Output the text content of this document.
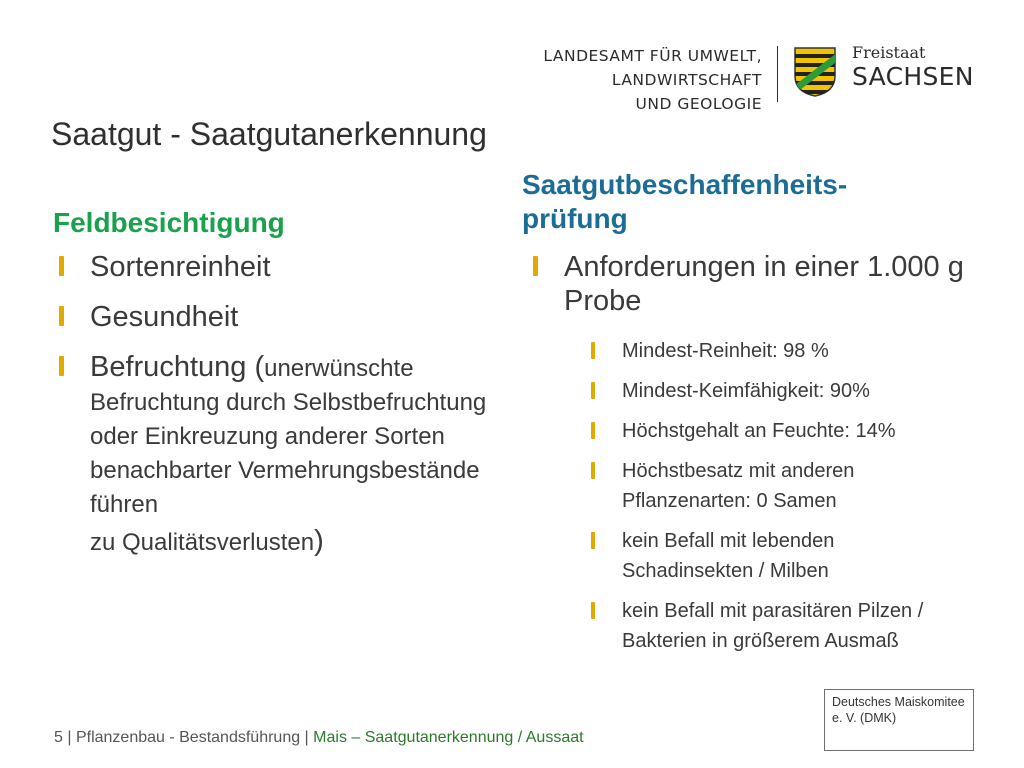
LANDESAMT FÜR UMWELT,
LANDWIRTSCHAFT
UND GEOLOGIE
Freistaat
SACHSEN
Saatgut - Saatgutanerkennung
Feldbesichtigung
Sortenreinheit
Gesundheit
Befruchtung (unerwünschte
Befruchtung durch Selbstbefruchtung oder Einkreuzung anderer Sorten benachbarter Vermehrungsbestände führen
zu Qualitätsverlusten)
Saatgutbeschaffenheits-
prüfung
Anforderungen in einer 1.000 g Probe
Mindest-Reinheit: 98 %
Mindest-Keimfähigkeit: 90%
Höchstgehalt an Feuchte: 14%
Höchstbesatz mit anderen Pflanzenarten: 0 Samen
kein Befall mit lebenden Schadinsekten / Milben
kein Befall mit parasitären Pilzen / Bakterien in größerem Ausmaß
5 | Pflanzenbau - Bestandsführung | Mais – Saatgutanerkennung / Aussaat
Deutsches Maiskomitee e. V. (DMK)
